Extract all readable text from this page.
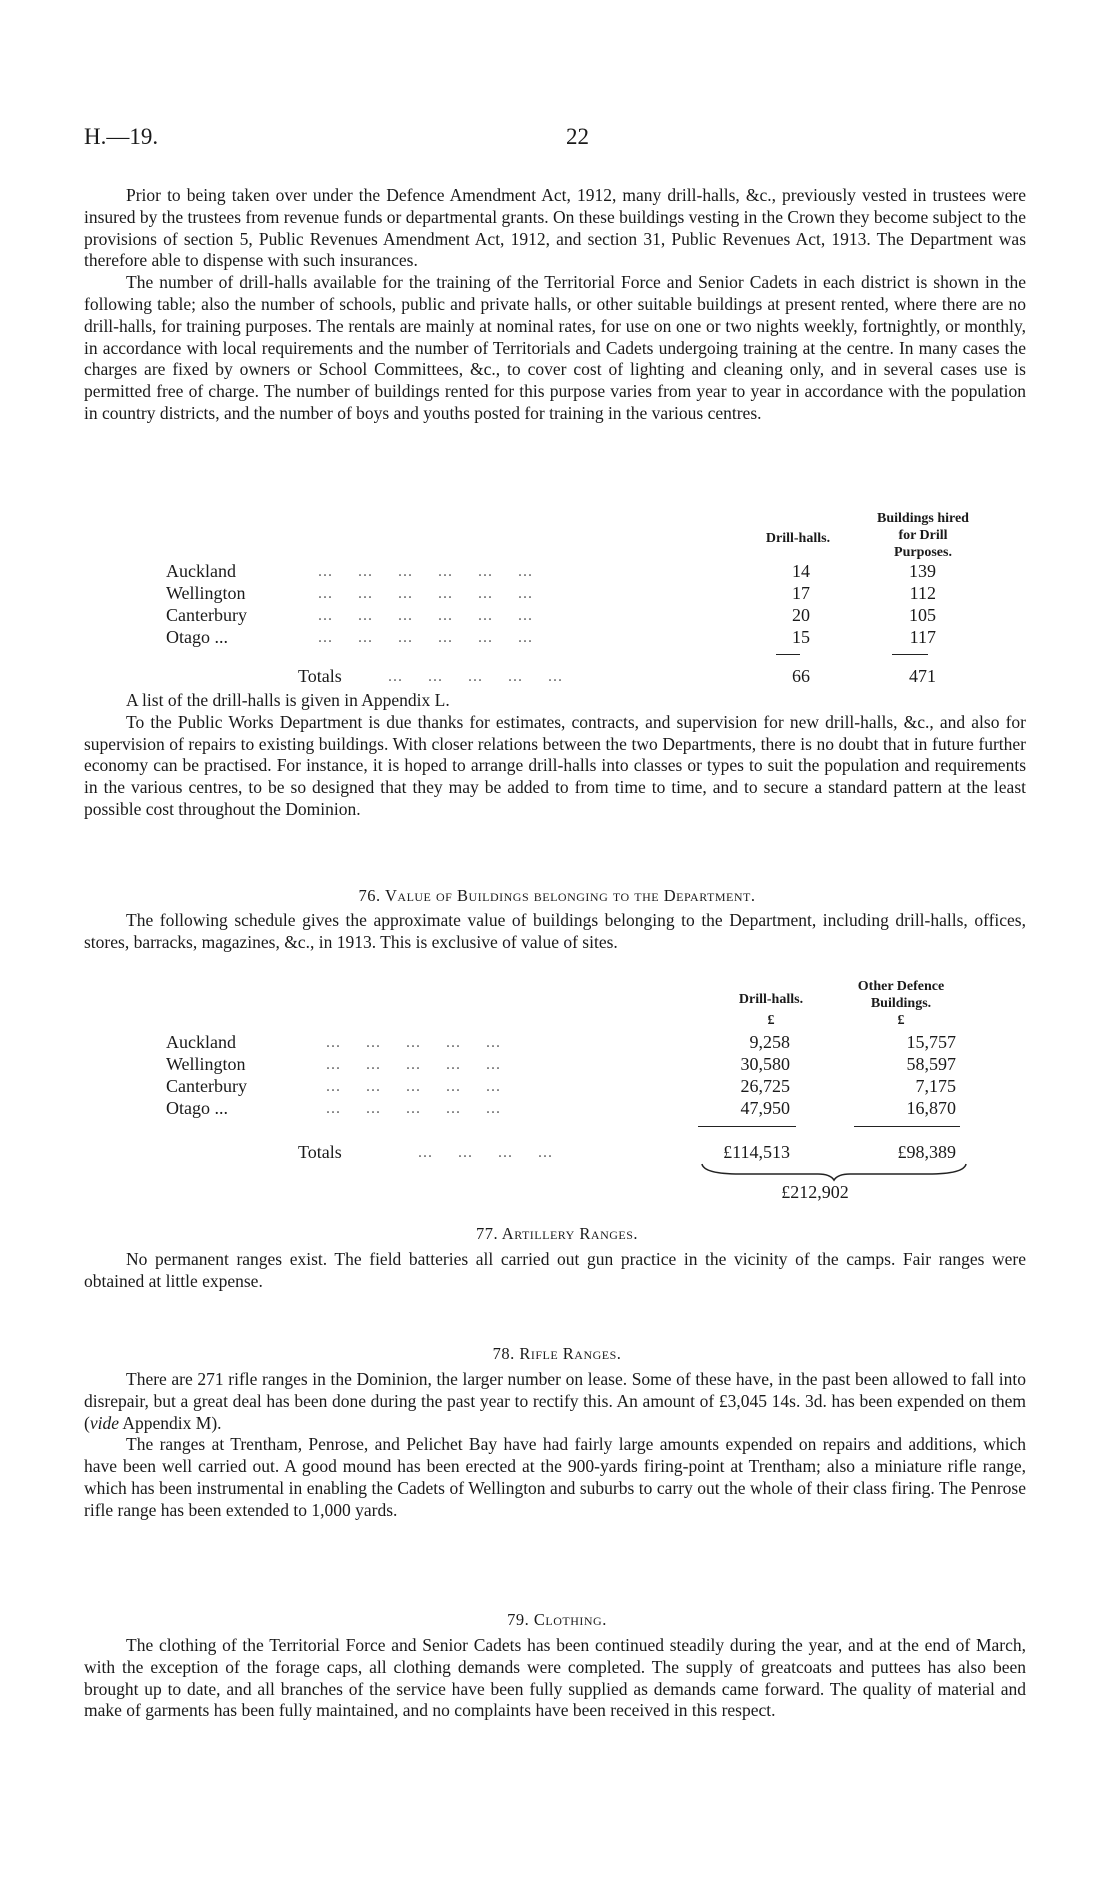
H.—19.	22

Prior to being taken over under the Defence Amendment Act, 1912, many drill-halls, &c., previously vested in trustees were insured by the trustees from revenue funds or departmental grants. On these buildings vesting in the Crown they become subject to the provisions of section 5, Public Revenues Amendment Act, 1912, and section 31, Public Revenues Act, 1913. The Department was therefore able to dispense with such insurances.

The number of drill-halls available for the training of the Territorial Force and Senior Cadets in each district is shown in the following table; also the number of schools, public and private halls, or other suitable buildings at present rented, where there are no drill-halls, for training purposes. The rentals are mainly at nominal rates, for use on one or two nights weekly, fortnightly, or monthly, in accordance with local requirements and the number of Territorials and Cadets undergoing training at the centre. In many cases the charges are fixed by owners or School Committees, &c., to cover cost of lighting and cleaning only, and in several cases use is permitted free of charge. The number of buildings rented for this purpose varies from year to year in accordance with the population in country districts, and the number of boys and youths posted for training in the various centres.

Drill-halls.
Buildings hired
for Drill
Purposes.
Auckland	...     ...     ...     ...     ...     ...	14	139
Wellington	...     ...     ...     ...     ...     ...	17	112
Canterbury	...     ...     ...     ...     ...     ...	20	105
Otago ...	...     ...     ...     ...     ...     ...	15	117
Totals	...     ...     ...     ...     ...	66	471

A list of the drill-halls is given in Appendix L.

To the Public Works Department is due thanks for estimates, contracts, and supervision for new drill-halls, &c., and also for supervision of repairs to existing buildings. With closer relations between the two Departments, there is no doubt that in future further economy can be practised. For instance, it is hoped to arrange drill-halls into classes or types to suit the population and requirements in the various centres, to be so designed that they may be added to from time to time, and to secure a standard pattern at the least possible cost throughout the Dominion.

76. Value of Buildings belonging to the Department.

The following schedule gives the approximate value of buildings belonging to the Department, including drill-halls, offices, stores, barracks, magazines, &c., in 1913. This is exclusive of value of sites.

Drill-halls.
£
Other Defence
Buildings.
£
Auckland	...     ...     ...     ...     ...	9,258	15,757
Wellington	...     ...     ...     ...     ...	30,580	58,597
Canterbury	...     ...     ...     ...     ...	26,725	7,175
Otago ...	...     ...     ...     ...     ...	47,950	16,870
Totals	...     ...     ...     ...	£114,513	£98,389
£212,902
77. Artillery Ranges.

No permanent ranges exist. The field batteries all carried out gun practice in the vicinity of the camps. Fair ranges were obtained at little expense.

78. Rifle Ranges.

There are 271 rifle ranges in the Dominion, the larger number on lease. Some of these have, in the past been allowed to fall into disrepair, but a great deal has been done during the past year to rectify this. An amount of £3,045 14s. 3d. has been expended on them (vide Appendix M).

The ranges at Trentham, Penrose, and Pelichet Bay have had fairly large amounts expended on repairs and additions, which have been well carried out. A good mound has been erected at the 900-yards firing-point at Trentham; also a miniature rifle range, which has been instrumental in enabling the Cadets of Wellington and suburbs to carry out the whole of their class firing. The Penrose rifle range has been extended to 1,000 yards.

79. Clothing.

The clothing of the Territorial Force and Senior Cadets has been continued steadily during the year, and at the end of March, with the exception of the forage caps, all clothing demands were completed. The supply of greatcoats and puttees has also been brought up to date, and all branches of the service have been fully supplied as demands came forward. The quality of material and make of garments has been fully maintained, and no complaints have been received in this respect.
